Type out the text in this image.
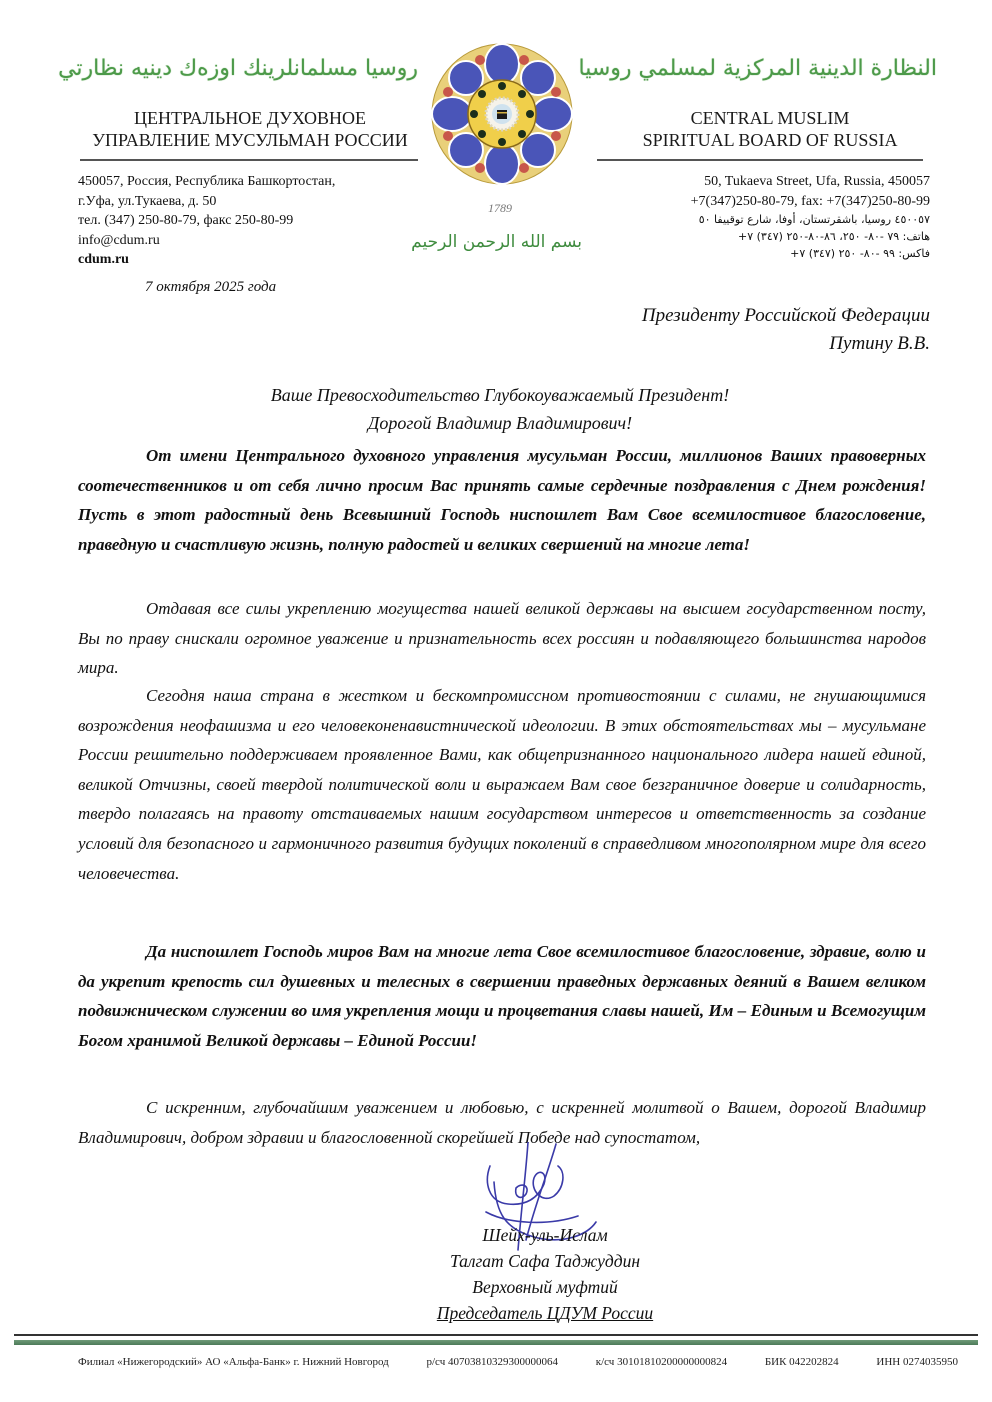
روسيا مسلمانلرينك اوزه‌ك دينيه نظارتي	النظارة الدينية المركزية لمسلمي روسيا
ЦЕНТРАЛЬНОЕ ДУХОВНОЕ
УПРАВЛЕНИЕ МУСУЛЬМАН РОССИИ
CENTRAL MUSLIM
SPIRITUAL BOARD OF RUSSIA
1789
بسم الله الرحمن الرحيم
450057, Россия, Республика Башкортостан,
г.Уфа, ул.Тукаева, д. 50
тел. (347) 250-80-79, факс 250-80-99
info@cdum.ru
cdum.ru
50, Tukaeva Street, Ufa, Russia, 450057
+7(347)250-80-79, fax: +7(347)250-80-99
٤٥٠٠٥٧ روسيا، باشقرتستان، أوفا، شارع توقييفا ٥٠
هاتف: ٧٩ -٨٠- ٢٥٠، ٨٦-٨٠-٢٥٠ (٣٤٧) ٧+
فاكس: ٩٩ -٨٠- ٢٥٠ (٣٤٧) ٧+
7 октября 2025 года
Президенту Российской Федерации
Путину В.В.
Ваше Превосходительство Глубокоуважаемый Президент!
Дорогой Владимир Владимирович!

От имени Центрального духовного управления мусульман России, миллионов Ваших правоверных соотечественников и от себя лично просим Вас принять самые сердечные поздравления с Днем рождения! Пусть в этот радостный день Всевышний Господь ниспошлет Вам Свое всемилостивое благословение, праведную и счастливую жизнь, полную радостей и великих свершений на многие лета!

Отдавая все силы укреплению могущества нашей великой державы на высшем государственном посту, Вы по праву снискали огромное уважение и признательность всех россиян и подавляющего большинства народов мира.

Сегодня наша страна в жестком и бескомпромиссном противостоянии с силами, не гнушающимися возрождения неофашизма и его человеконенавистнической идеологии. В этих обстоятельствах мы – мусульмане России решительно поддерживаем проявленное Вами, как общепризнанного национального лидера нашей единой, великой Отчизны, своей твердой политической воли и выражаем Вам свое безграничное доверие и солидарность, твердо полагаясь на правоту отстаиваемых нашим государством интересов и ответственность за создание условий для безопасного и гармоничного развития будущих поколений в справедливом многополярном мире для всего человечества.

Да ниспошлет Господь миров Вам на многие лета Свое всемилостивое благословение, здравие, волю и да укрепит крепость сил душевных и телесных в свершении праведных державных деяний в Вашем великом подвижническом служении во имя укрепления мощи и процветания славы нашей, Им – Единым и Всемогущим Богом хранимой Великой державы – Единой России!

С искренним, глубочайшим уважением и любовью, с искренней молитвой о Вашем, дорогой Владимир Владимирович, добром здравии и благословенной скорейшей Победе над супостатом,

Шейх-уль-Ислам
Талгат Сафа Таджуддин
Верховный муфтий
Председатель ЦДУМ России
Филиал «Нижегородский» АО «Альфа-Банк» г. Нижний Новгород	р/сч 40703810329300000064	к/сч 30101810200000000824	БИК 042202824	ИНН 0274035950
